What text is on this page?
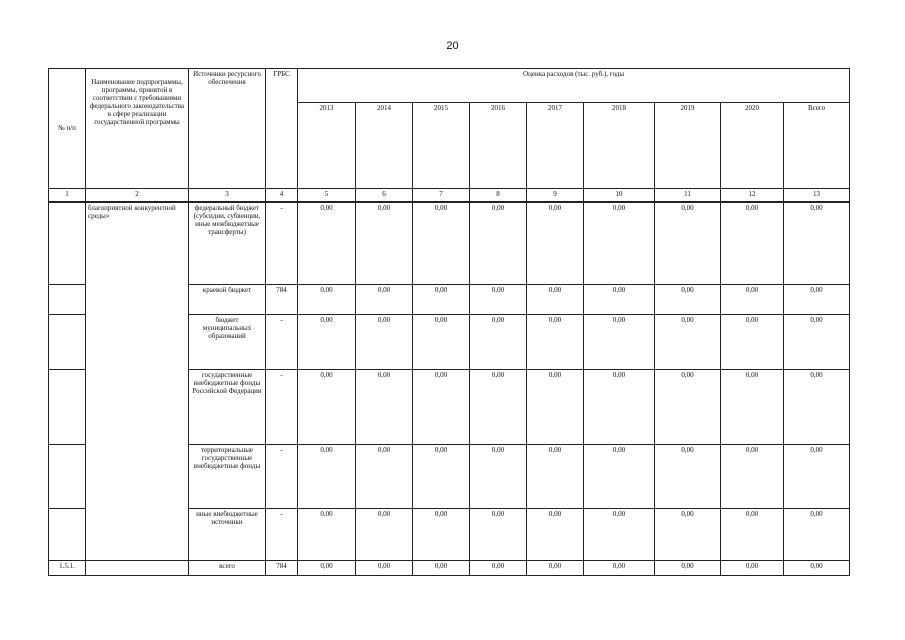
20
№ п/п	Наименование подпрограммы, программы, принятой в соответствии с требованиями федерального законодательства в сфере реализации государственной программы	Источники ресурсного обеспечения	ГРБС	Оценка расходов (тыс. руб.), годы								
				2013	2014	2015	2016	2017	2018	2019	2020	Всего
1	2	3	4	5	6	7	8	9	10	11	12	13
	благоприятной конкурентной среды»	федеральный бюджет (субсидии, субвенции, иные межбюджетные трансферты)	-	0,00	0,00	0,00	0,00	0,00	0,00	0,00	0,00	0,00
		краевой бюджет	784	0,00	0,00	0,00	0,00	0,00	0,00	0,00	0,00	0,00
		бюджет муниципальных образований	-	0,00	0,00	0,00	0,00	0,00	0,00	0,00	0,00	0,00
		государственные внебюджетные фонды Российской Федерации	-	0,00	0,00	0,00	0,00	0,00	0,00	0,00	0,00	0,00
		территориальные государственные внебюджетные фонды	-	0,00	0,00	0,00	0,00	0,00	0,00	0,00	0,00	0,00
		иные внебюджетные источники	-	0,00	0,00	0,00	0,00	0,00	0,00	0,00	0,00	0,00
1.5.1.		всего	784	0,00	0,00	0,00	0,00	0,00	0,00	0,00	0,00	0,00
